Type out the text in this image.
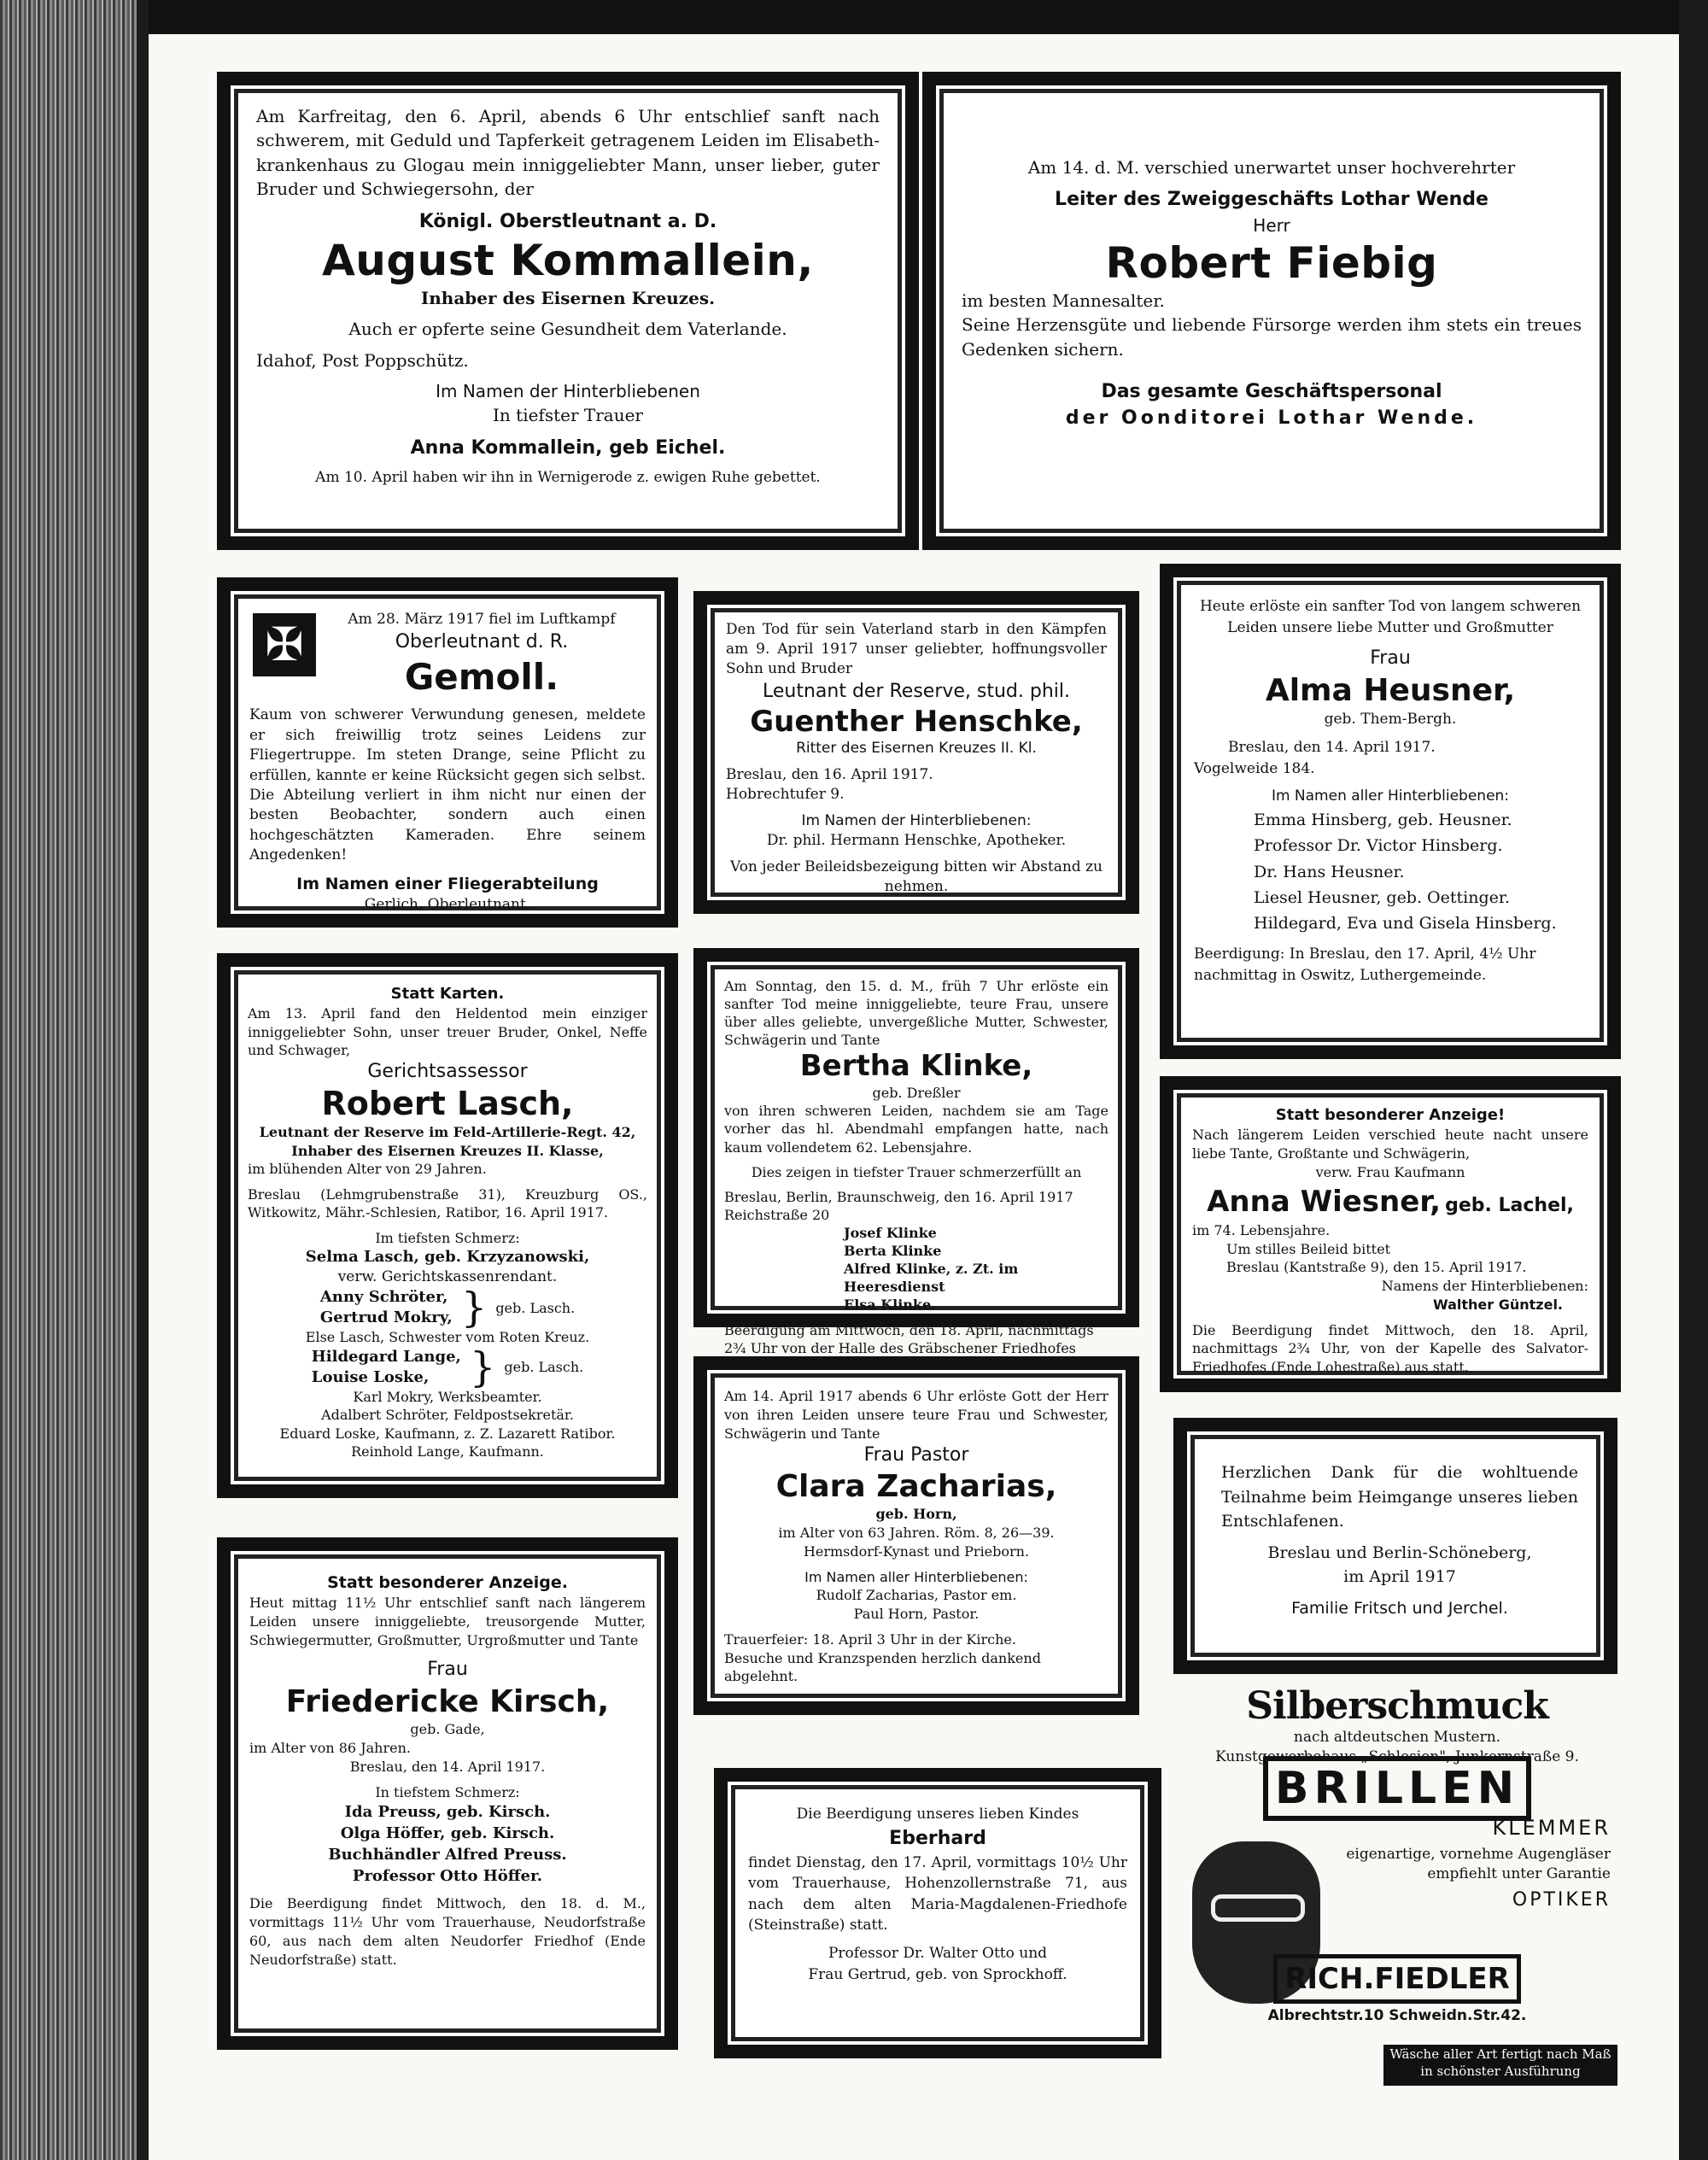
Am Karfreitag, den 6. April, abends 6 Uhr entschlief sanft nach schwerem, mit Geduld und Tapferkeit getragenem Leiden im Elisabethkrankenhaus zu Glogau mein inniggeliebter Mann, unser lieber, guter Bruder und Schwiegersohn, der

Königl. Oberstleutnant a. D.

August Kommallein,

Inhaber des Eisernen Kreuzes.

Auch er opferte seine Gesundheit dem Vaterlande.

Idahof, Post Poppschütz.

Im Namen der Hinterbliebenen

In tiefster Trauer

Anna Kommallein, geb Eichel.

Am 10. April haben wir ihn in Wernigerode z. ewigen Ruhe gebettet.

Am 14. d. M. verschied unerwartet unser hochverehrter

Leiter des Zweiggeschäfts Lothar Wende

Herr

Robert Fiebig

im besten Mannesalter.

Seine Herzensgüte und liebende Fürsorge werden ihm stets ein treues Gedenken sichern.

Das gesamte Geschäftspersonal

der Oonditorei Lothar Wende.

✠	Am 28. März 1917 fiel im Luftkampf

Oberleutnant d. R.

Gemoll.

Kaum von schwerer Verwundung genesen, meldete er sich freiwillig trotz seines Leidens zur Fliegertruppe. Im steten Drange, seine Pflicht zu erfüllen, kannte er keine Rücksicht gegen sich selbst. Die Abteilung verliert in ihm nicht nur einen der besten Beobachter, sondern auch einen hochgeschätzten Kameraden. Ehre seinem Angedenken!

Im Namen einer Fliegerabteilung

Gerlich, Oberleutnant.

Den Tod für sein Vaterland starb in den Kämpfen am 9. April 1917 unser geliebter, hoffnungsvoller Sohn und Bruder

Leutnant der Reserve, stud. phil.

Guenther Henschke,

Ritter des Eisernen Kreuzes II. Kl.

Breslau, den 16. April 1917.

Hobrechtufer 9.

Im Namen der Hinterbliebenen:

Dr. phil. Hermann Henschke, Apotheker.

Von jeder Beileidsbezeigung bitten wir Abstand zu nehmen.

Heute erlöste ein sanfter Tod von langem schweren Leiden unsere liebe Mutter und Großmutter

Frau

Alma Heusner,

geb. Them-Bergh.

Breslau, den 14. April 1917.

Vogelweide 184.

Im Namen aller Hinterbliebenen:

Emma Hinsberg, geb. Heusner.

Professor Dr. Victor Hinsberg.

Dr. Hans Heusner.

Liesel Heusner, geb. Oettinger.

Hildegard, Eva und Gisela Hinsberg.

Beerdigung: In Breslau, den 17. April, 4½ Uhr nachmittag in Oswitz, Luthergemeinde.

Statt Karten.

Am 13. April fand den Heldentod mein einziger inniggeliebter Sohn, unser treuer Bruder, Onkel, Neffe und Schwager,

Gerichtsassessor

Robert Lasch,

Leutnant der Reserve im Feld-Artillerie-Regt. 42,

Inhaber des Eisernen Kreuzes II. Klasse,

im blühenden Alter von 29 Jahren.

Breslau (Lehmgrubenstraße 31), Kreuzburg OS., Witkowitz, Mähr.-Schlesien, Ratibor, 16. April 1917.

Im tiefsten Schmerz:

Selma Lasch, geb. Krzyzanowski,

verw. Gerichtskassenrendant.

Anny Schröter,

Gertrud Mokry, } geb. Lasch.

Else Lasch, Schwester vom Roten Kreuz.

Hildegard Lange,

Louise Loske, } geb. Lasch.

Karl Mokry, Werksbeamter.

Adalbert Schröter, Feldpostsekretär.

Eduard Loske, Kaufmann, z. Z. Lazarett Ratibor.

Reinhold Lange, Kaufmann.

Am Sonntag, den 15. d. M., früh 7 Uhr erlöste ein sanfter Tod meine inniggeliebte, teure Frau, unsere über alles geliebte, unvergeßliche Mutter, Schwester, Schwägerin und Tante

Bertha Klinke,

geb. Dreßler

von ihren schweren Leiden, nachdem sie am Tage vorher das hl. Abendmahl empfangen hatte, nach kaum vollendetem 62. Lebensjahre.

Dies zeigen in tiefster Trauer schmerzerfüllt an

Breslau, Berlin, Braunschweig, den 16. April 1917

Reichstraße 20

Josef Klinke

Berta Klinke

Alfred Klinke, z. Zt. im Heeresdienst

Elsa Klinke.

Beerdigung am Mittwoch, den 18. April, nachmittags 2¾ Uhr von der Halle des Gräbschener Friedhofes

Statt besonderer Anzeige!

Nach längerem Leiden verschied heute nacht unsere liebe Tante, Großtante und Schwägerin,

verw. Frau Kaufmann

Anna Wiesner, geb. Lachel,

im 74. Lebensjahre.

Um stilles Beileid bittet

Breslau (Kantstraße 9), den 15. April 1917.

Namens der Hinterbliebenen:

Walther Güntzel.

Die Beerdigung findet Mittwoch, den 18. April, nachmittags 2¾ Uhr, von der Kapelle des Salvator-Friedhofes (Ende Lohestraße) aus statt.

Am 14. April 1917 abends 6 Uhr erlöste Gott der Herr von ihren Leiden unsere teure Frau und Schwester, Schwägerin und Tante

Frau Pastor

Clara Zacharias,

geb. Horn,

im Alter von 63 Jahren. Röm. 8, 26—39.

Hermsdorf-Kynast und Prieborn.

Im Namen aller Hinterbliebenen:

Rudolf Zacharias, Pastor em.

Paul Horn, Pastor.

Trauerfeier: 18. April 3 Uhr in der Kirche.

Besuche und Kranzspenden herzlich dankend abgelehnt.

Herzlichen Dank für die wohltuende Teilnahme beim Heimgange unseres lieben Entschlafenen.

Breslau und Berlin-Schöneberg,

im April 1917

Familie Fritsch und Jerchel.

Statt besonderer Anzeige.

Heut mittag 11½ Uhr entschlief sanft nach längerem Leiden unsere inniggeliebte, treusorgende Mutter, Schwiegermutter, Großmutter, Urgroßmutter und Tante

Frau

Friedericke Kirsch,

geb. Gade,

im Alter von 86 Jahren.

Breslau, den 14. April 1917.

In tiefstem Schmerz:

Ida Preuss, geb. Kirsch.

Olga Höffer, geb. Kirsch.

Buchhändler Alfred Preuss.

Professor Otto Höffer.

Die Beerdigung findet Mittwoch, den 18. d. M., vormittags 11½ Uhr vom Trauerhause, Neudorfstraße 60, aus nach dem alten Neudorfer Friedhof (Ende Neudorfstraße) statt.

Die Beerdigung unseres lieben Kindes

Eberhard

findet Dienstag, den 17. April, vormittags 10½ Uhr vom Trauerhause, Hohenzollernstraße 71, aus nach dem alten Maria-Magdalenen-Friedhofe (Steinstraße) statt.

Professor Dr. Walter Otto und

Frau Gertrud, geb. von Sprockhoff.

Silberschmuck
nach altdeutschen Mustern.
Kunstgewerbehaus „Schlesien", Junkernstraße 9.
BRILLEN
KLEMMER
eigenartige, vornehme Augengläser empfiehlt unter Garantie
OPTIKER
RICH.FIEDLER
Albrechtstr.10 Schweidn.Str.42.
Wäsche aller Art fertigt nach Maß in schönster Ausführung
